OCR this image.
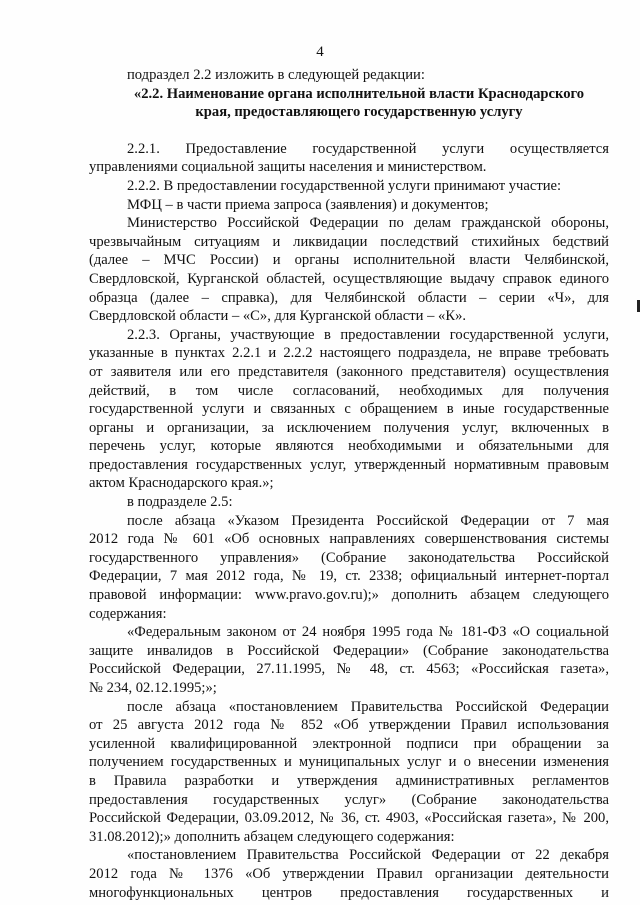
4
подраздел 2.2 изложить в следующей редакции:
«2.2. Наименование органа исполнительной власти Краснодарского
края, предоставляющего государственную услугу
2.2.1. Предоставление государственной услуги осуществляется
управлениями социальной защиты населения и министерством.
2.2.2. В предоставлении государственной услуги принимают участие:
МФЦ – в части приема запроса (заявления) и документов;
Министерство Российской Федерации по делам гражданской обороны,
чрезвычайным ситуациям и ликвидации последствий стихийных бедствий
(далее – МЧС России) и органы исполнительной власти Челябинской,
Свердловской, Курганской областей, осуществляющие выдачу справок единого
образца (далее – справка), для Челябинской области – серии «Ч», для
Свердловской области – «С», для Курганской области – «К».
2.2.3. Органы, участвующие в предоставлении государственной услуги,
указанные в пунктах 2.2.1 и 2.2.2 настоящего подраздела, не вправе требовать
от заявителя или его представителя (законного представителя) осуществления
действий, в том числе согласований, необходимых для получения
государственной услуги и связанных с обращением в иные государственные
органы и организации, за исключением получения услуг, включенных в
перечень услуг, которые являются необходимыми и обязательными для
предоставления государственных услуг, утвержденный нормативным правовым
актом Краснодарского края.»;
в подразделе 2.5:
после абзаца «Указом Президента Российской Федерации от 7 мая
2012 года № 601 «Об основных направлениях совершенствования системы
государственного управления» (Собрание законодательства Российской
Федерации, 7 мая 2012 года, № 19, ст. 2338; официальный интернет-портал
правовой информации: www.pravo.gov.ru);» дополнить абзацем следующего
содержания:
«Федеральным законом от 24 ноября 1995 года № 181-ФЗ «О социальной
защите инвалидов в Российской Федерации» (Собрание законодательства
Российской Федерации, 27.11.1995, № 48, ст. 4563; «Российская газета»,
№ 234, 02.12.1995;»;
после абзаца «постановлением Правительства Российской Федерации
от 25 августа 2012 года № 852 «Об утверждении Правил использования
усиленной квалифицированной электронной подписи при обращении за
получением государственных и муниципальных услуг и о внесении изменения
в Правила разработки и утверждения административных регламентов
предоставления государственных услуг» (Собрание законодательства
Российской Федерации, 03.09.2012, № 36, ст. 4903, «Российская газета», № 200,
31.08.2012);» дополнить абзацем следующего содержания:
«постановлением Правительства Российской Федерации от 22 декабря
2012 года № 1376 «Об утверждении Правил организации деятельности
многофункциональных центров предоставления государственных и
